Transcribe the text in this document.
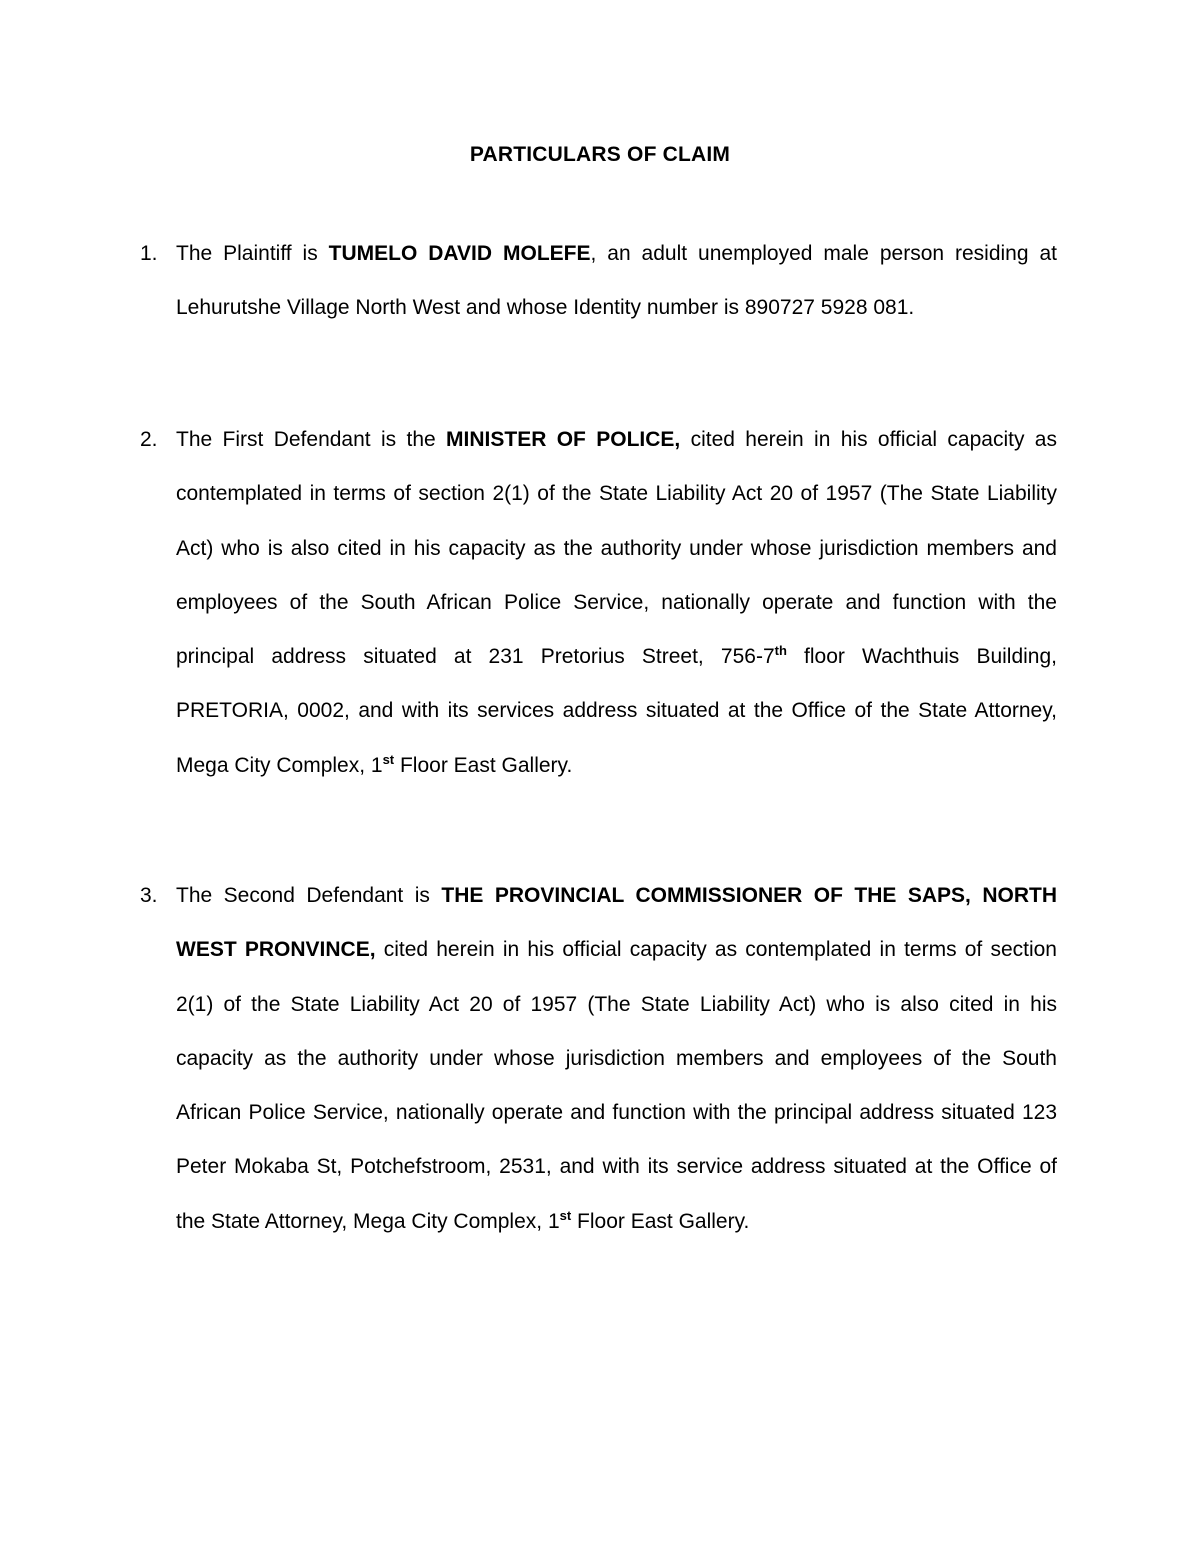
PARTICULARS OF CLAIM
1. The Plaintiff is TUMELO DAVID MOLEFE, an adult unemployed male person residing at Lehurutshe Village North West and whose Identity number is 890727 5928 081.

2. The First Defendant is the MINISTER OF POLICE, cited herein in his official capacity as contemplated in terms of section 2(1) of the State Liability Act 20 of 1957 (The State Liability Act) who is also cited in his capacity as the authority under whose jurisdiction members and employees of the South African Police Service, nationally operate and function with the principal address situated at 231 Pretorius Street, 756-7th floor Wachthuis Building, PRETORIA, 0002, and with its services address situated at the Office of the State Attorney, Mega City Complex, 1st Floor East Gallery.

3. The Second Defendant is THE PROVINCIAL COMMISSIONER OF THE SAPS, NORTH WEST PRONVINCE, cited herein in his official capacity as contemplated in terms of section 2(1) of the State Liability Act 20 of 1957 (The State Liability Act) who is also cited in his capacity as the authority under whose jurisdiction members and employees of the South African Police Service, nationally operate and function with the principal address situated 123 Peter Mokaba St, Potchefstroom, 2531, and with its service address situated at the Office of the State Attorney, Mega City Complex, 1st Floor East Gallery.
